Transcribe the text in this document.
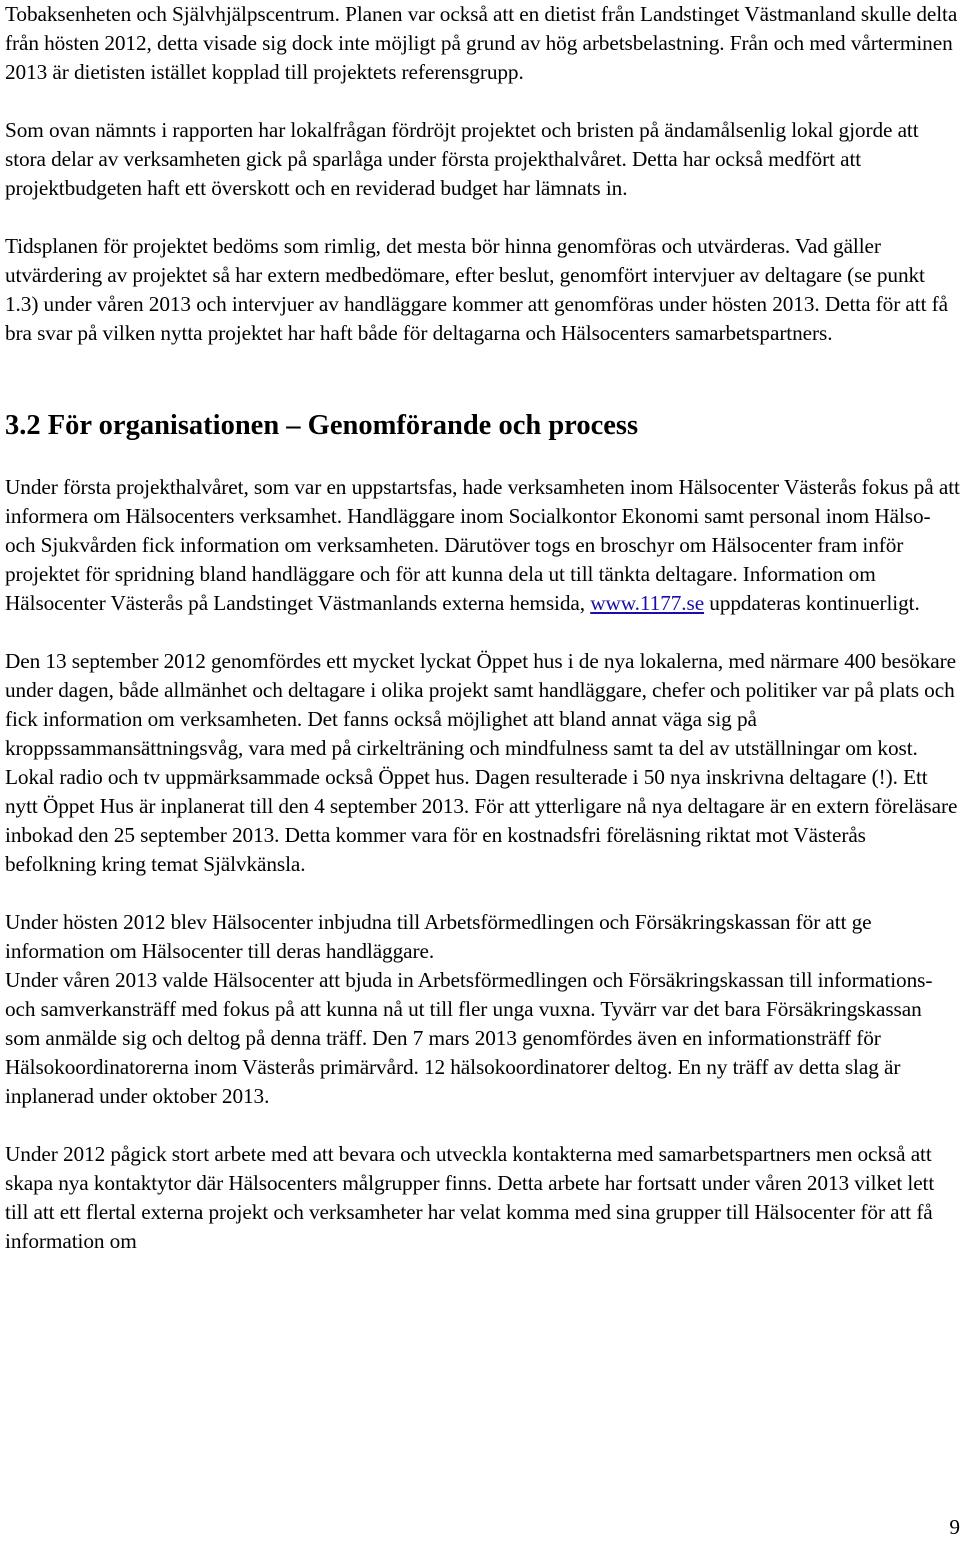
Tobaksenheten och Självhjälpscentrum. Planen var också att en dietist från Landstinget Västmanland skulle delta från hösten 2012, detta visade sig dock inte möjligt på grund av hög arbetsbelastning. Från och med vårterminen 2013 är dietisten istället kopplad till projektets referensgrupp.

Som ovan nämnts i rapporten har lokalfrågan fördröjt projektet och bristen på ändamålsenlig lokal gjorde att stora delar av verksamheten gick på sparlåga under första projekthalvåret. Detta har också medfört att projektbudgeten haft ett överskott och en reviderad budget har lämnats in.

Tidsplanen för projektet bedöms som rimlig, det mesta bör hinna genomföras och utvärderas. Vad gäller utvärdering av projektet så har extern medbedömare, efter beslut, genomfört intervjuer av deltagare (se punkt 1.3) under våren 2013 och intervjuer av handläggare kommer att genomföras under hösten 2013. Detta för att få bra svar på vilken nytta projektet har haft både för deltagarna och Hälsocenters samarbetspartners.

3.2 För organisationen – Genomförande och process

Under första projekthalvåret, som var en uppstartsfas, hade verksamheten inom Hälsocenter Västerås fokus på att informera om Hälsocenters verksamhet. Handläggare inom Socialkontor Ekonomi samt personal inom Hälso- och Sjukvården fick information om verksamheten. Därutöver togs en broschyr om Hälsocenter fram inför projektet för spridning bland handläggare och för att kunna dela ut till tänkta deltagare. Information om Hälsocenter Västerås på Landstinget Västmanlands externa hemsida, www.1177.se uppdateras kontinuerligt.

Den 13 september 2012 genomfördes ett mycket lyckat Öppet hus i de nya lokalerna, med närmare 400 besökare under dagen, både allmänhet och deltagare i olika projekt samt handläggare, chefer och politiker var på plats och fick information om verksamheten. Det fanns också möjlighet att bland annat väga sig på kroppssammansättningsvåg, vara med på cirkelträning och mindfulness samt ta del av utställningar om kost. Lokal radio och tv uppmärksammade också Öppet hus. Dagen resulterade i 50 nya inskrivna deltagare (!). Ett nytt Öppet Hus är inplanerat till den 4 september 2013. För att ytterligare nå nya deltagare är en extern föreläsare inbokad den 25 september 2013. Detta kommer vara för en kostnadsfri föreläsning riktat mot Västerås befolkning kring temat Självkänsla.

Under hösten 2012 blev Hälsocenter inbjudna till Arbetsförmedlingen och Försäkringskassan för att ge information om Hälsocenter till deras handläggare.

Under våren 2013 valde Hälsocenter att bjuda in Arbetsförmedlingen och Försäkringskassan till informations- och samverkansträff med fokus på att kunna nå ut till fler unga vuxna. Tyvärr var det bara Försäkringskassan som anmälde sig och deltog på denna träff. Den 7 mars 2013 genomfördes även en informationsträff för Hälsokoordinatorerna inom Västerås primärvård. 12 hälsokoordinatorer deltog. En ny träff av detta slag är inplanerad under oktober 2013.

Under 2012 pågick stort arbete med att bevara och utveckla kontakterna med samarbetspartners men också att skapa nya kontaktytor där Hälsocenters målgrupper finns. Detta arbete har fortsatt under våren 2013 vilket lett till att ett flertal externa projekt och verksamheter har velat komma med sina grupper till Hälsocenter för att få information om

9
